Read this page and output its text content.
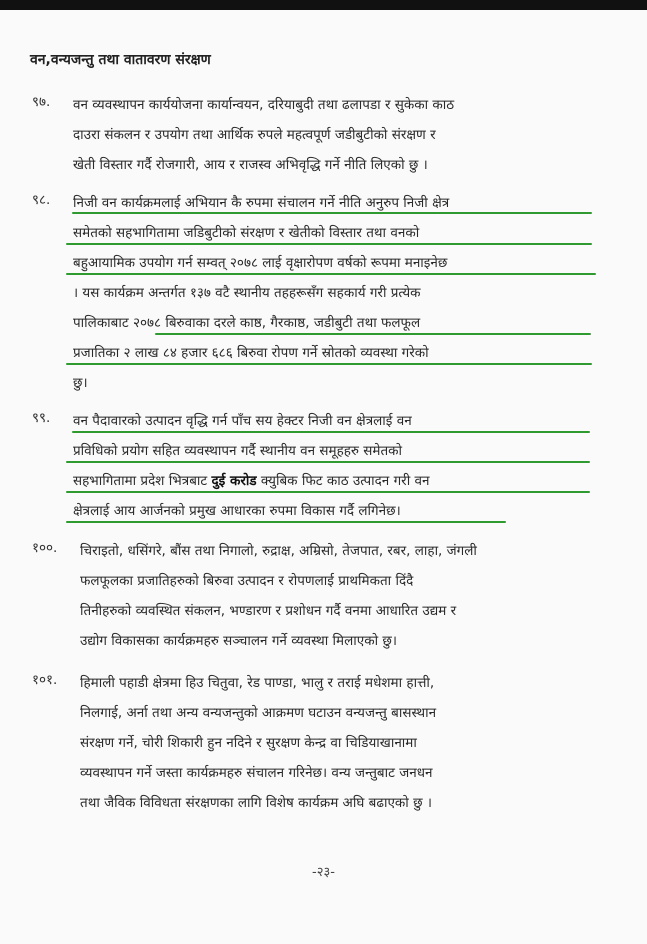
वन,वन्यजन्तु तथा वातावरण संरक्षण
९७. वन व्यवस्थापन कार्ययोजना कार्यान्वयन, दरियाबुदी तथा ढलापडा र सुकेका काठ
दाउरा संकलन र उपयोग तथा आर्थिक रुपले महत्वपूर्ण जडीबुटीको संरक्षण र
खेती विस्तार गर्दै रोजगारी, आय र राजस्व अभिवृद्धि गर्ने नीति लिएको छु ।
९८. निजी वन कार्यक्रमलाई अभियान कै रुपमा संचालन गर्ने नीति अनुरुप निजी क्षेत्र
समेतको सहभागितामा जडिबुटीको संरक्षण र खेतीको विस्तार तथा वनको
बहुआयामिक उपयोग गर्न सम्वत् २०७८ लाई वृक्षारोपण वर्षको रूपमा मनाइनेछ
। यस कार्यक्रम अन्तर्गत १३७ वटै स्थानीय तहहरूसँग सहकार्य गरी प्रत्येक
पालिकाबाट २०७८ बिरुवाका दरले काष्ठ, गैरकाष्ठ, जडीबुटी तथा फलफूल
प्रजातिका २ लाख ८४ हजार ६८६ बिरुवा रोपण गर्ने स्रोतको व्यवस्था गरेको
छु।
९९. वन पैदावारको उत्पादन वृद्धि गर्न पाँच सय हेक्टर निजी वन क्षेत्रलाई वन
प्रविधिको प्रयोग सहित व्यवस्थापन गर्दै स्थानीय वन समूहहरु समेतको
सहभागितामा प्रदेश भित्रबाट दुई करोड क्युबिक फिट काठ उत्पादन गरी वन
क्षेत्रलाई आय आर्जनको प्रमुख आधारका रुपमा विकास गर्दै लगिनेछ।
१००. चिराइतो, धसिंगरे, बौंस तथा निगालो, रुद्राक्ष, अम्रिसो, तेजपात, रबर, लाहा, जंगली
फलफूलका प्रजातिहरुको बिरुवा उत्पादन र रोपणलाई प्राथमिकता दिंदै
तिनीहरुको व्यवस्थित संकलन, भण्डारण र प्रशोधन गर्दै वनमा आधारित उद्यम र
उद्योग विकासका कार्यक्रमहरु सञ्चालन गर्ने व्यवस्था मिलाएको छु।
१०१. हिमाली पहाडी क्षेत्रमा हिउ चितुवा, रेड पाण्डा, भालु र तराई मधेशमा हात्ती,
निलगाई, अर्ना तथा अन्य वन्यजन्तुको आक्रमण घटाउन वन्यजन्तु बासस्थान
संरक्षण गर्ने, चोरी शिकारी हुन नदिने र सुरक्षण केन्द्र वा चिडियाखानामा
व्यवस्थापन गर्ने जस्ता कार्यक्रमहरु संचालन गरिनेछ। वन्य जन्तुबाट जनधन
तथा जैविक विविधता संरक्षणका लागि विशेष कार्यक्रम अघि बढाएको छु ।
-२३-
